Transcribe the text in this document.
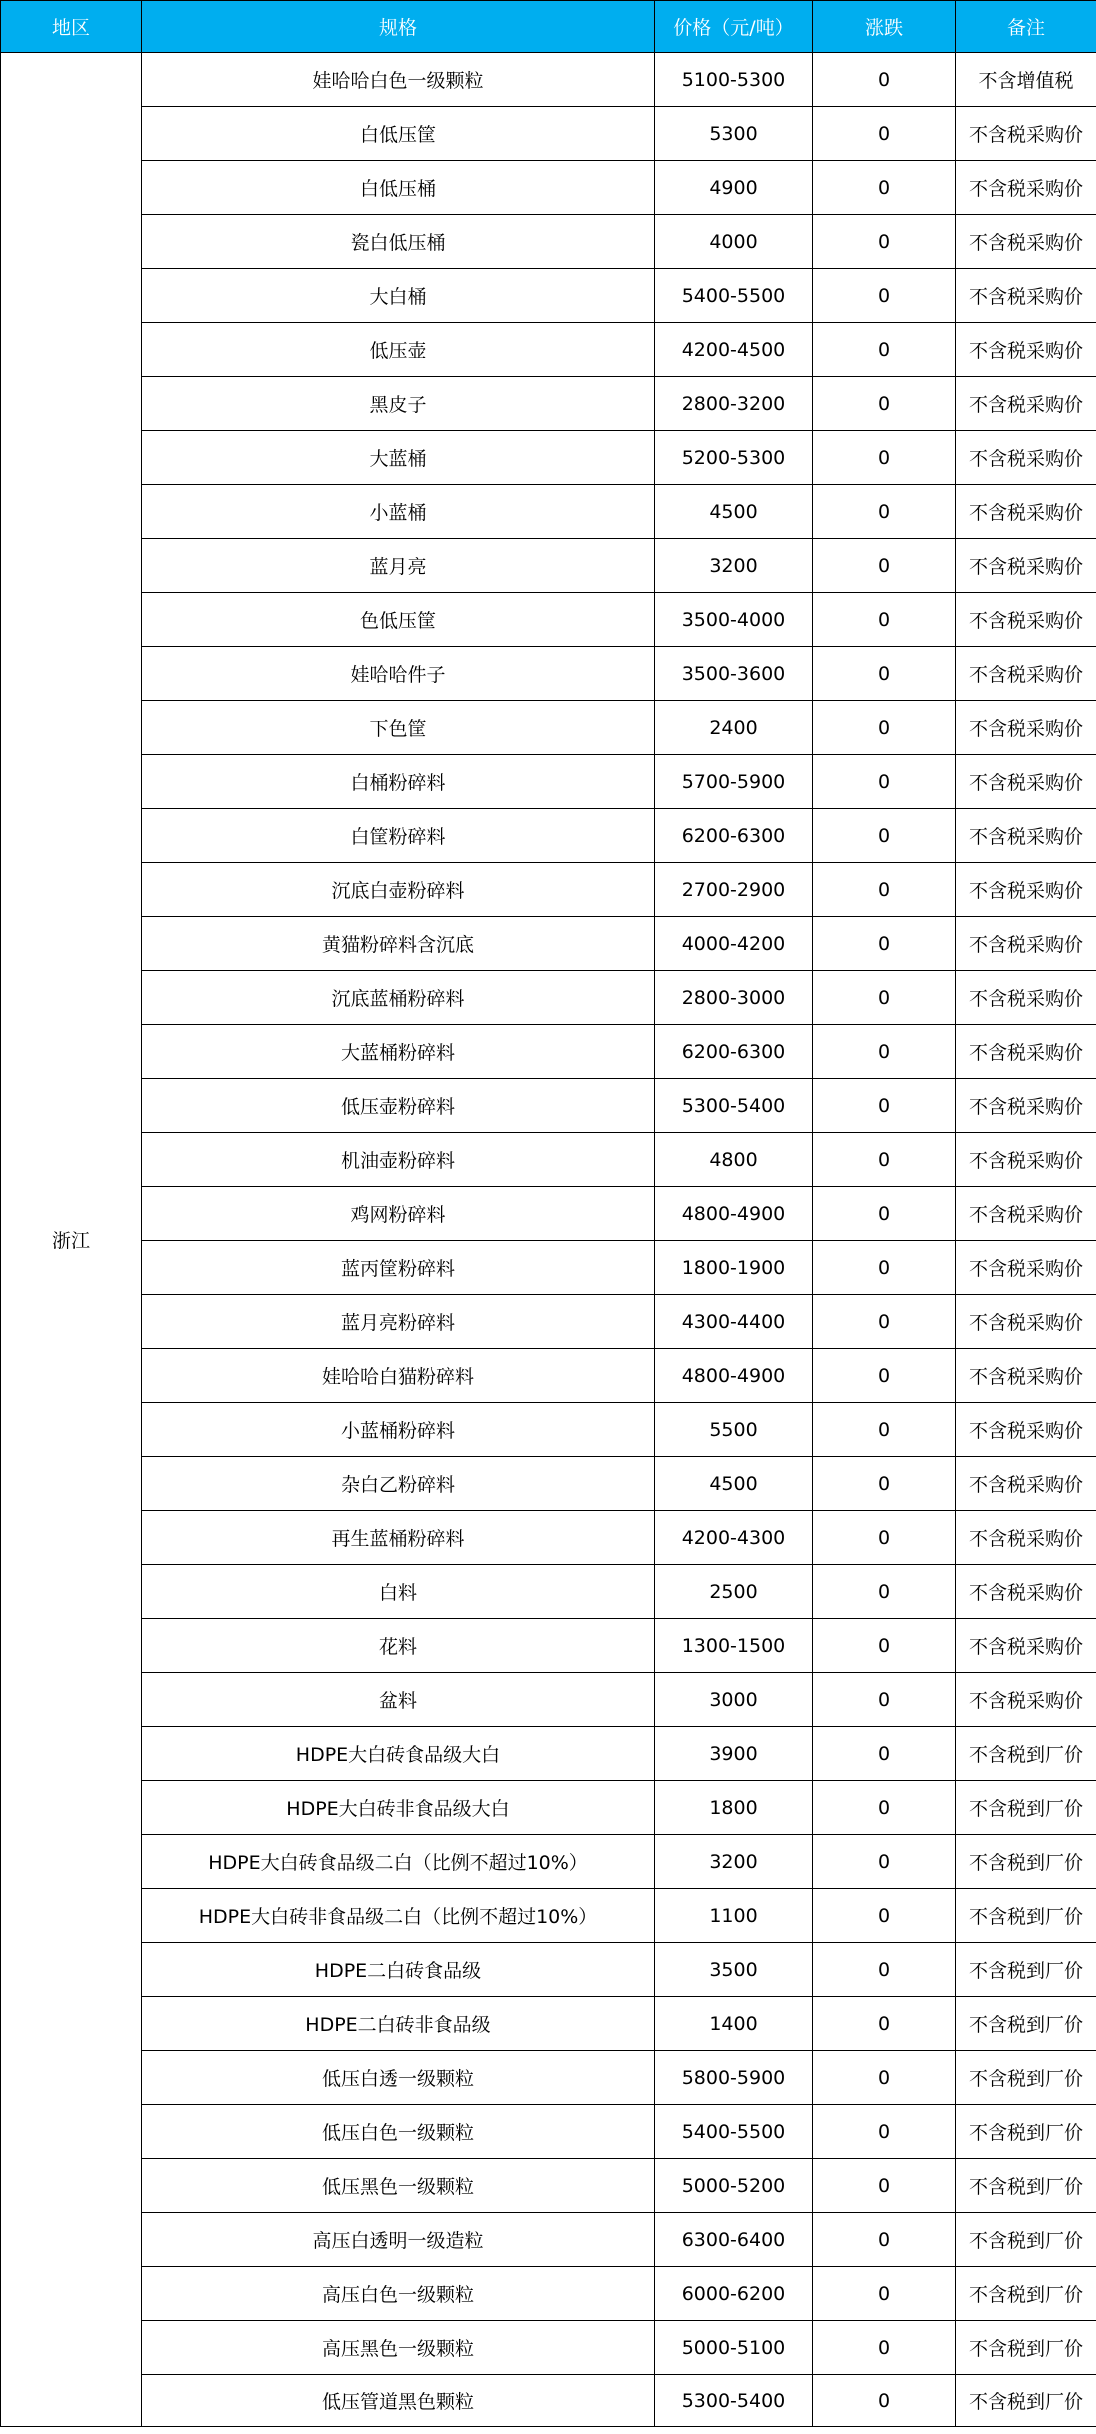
地区	规格	价格（元/吨）	涨跌	备注
浙江	娃哈哈白色一级颗粒	5100-5300	0	不含增值税
	白低压筐	5300	0	不含税采购价
	白低压桶	4900	0	不含税采购价
	瓷白低压桶	4000	0	不含税采购价
	大白桶	5400-5500	0	不含税采购价
	低压壶	4200-4500	0	不含税采购价
	黑皮子	2800-3200	0	不含税采购价
	大蓝桶	5200-5300	0	不含税采购价
	小蓝桶	4500	0	不含税采购价
	蓝月亮	3200	0	不含税采购价
	色低压筐	3500-4000	0	不含税采购价
	娃哈哈件子	3500-3600	0	不含税采购价
	下色筐	2400	0	不含税采购价
	白桶粉碎料	5700-5900	0	不含税采购价
	白筐粉碎料	6200-6300	0	不含税采购价
	沉底白壶粉碎料	2700-2900	0	不含税采购价
	黄猫粉碎料含沉底	4000-4200	0	不含税采购价
	沉底蓝桶粉碎料	2800-3000	0	不含税采购价
	大蓝桶粉碎料	6200-6300	0	不含税采购价
	低压壶粉碎料	5300-5400	0	不含税采购价
	机油壶粉碎料	4800	0	不含税采购价
	鸡网粉碎料	4800-4900	0	不含税采购价
	蓝丙筐粉碎料	1800-1900	0	不含税采购价
	蓝月亮粉碎料	4300-4400	0	不含税采购价
	娃哈哈白猫粉碎料	4800-4900	0	不含税采购价
	小蓝桶粉碎料	5500	0	不含税采购价
	杂白乙粉碎料	4500	0	不含税采购价
	再生蓝桶粉碎料	4200-4300	0	不含税采购价
	白料	2500	0	不含税采购价
	花料	1300-1500	0	不含税采购价
	盆料	3000	0	不含税采购价
	HDPE大白砖食品级大白	3900	0	不含税到厂价
	HDPE大白砖非食品级大白	1800	0	不含税到厂价
	HDPE大白砖食品级二白（比例不超过10%）	3200	0	不含税到厂价
	HDPE大白砖非食品级二白（比例不超过10%）	1100	0	不含税到厂价
	HDPE二白砖食品级	3500	0	不含税到厂价
	HDPE二白砖非食品级	1400	0	不含税到厂价
	低压白透一级颗粒	5800-5900	0	不含税到厂价
	低压白色一级颗粒	5400-5500	0	不含税到厂价
	低压黑色一级颗粒	5000-5200	0	不含税到厂价
	高压白透明一级造粒	6300-6400	0	不含税到厂价
	高压白色一级颗粒	6000-6200	0	不含税到厂价
	高压黑色一级颗粒	5000-5100	0	不含税到厂价
	低压管道黑色颗粒	5300-5400	0	不含税到厂价
